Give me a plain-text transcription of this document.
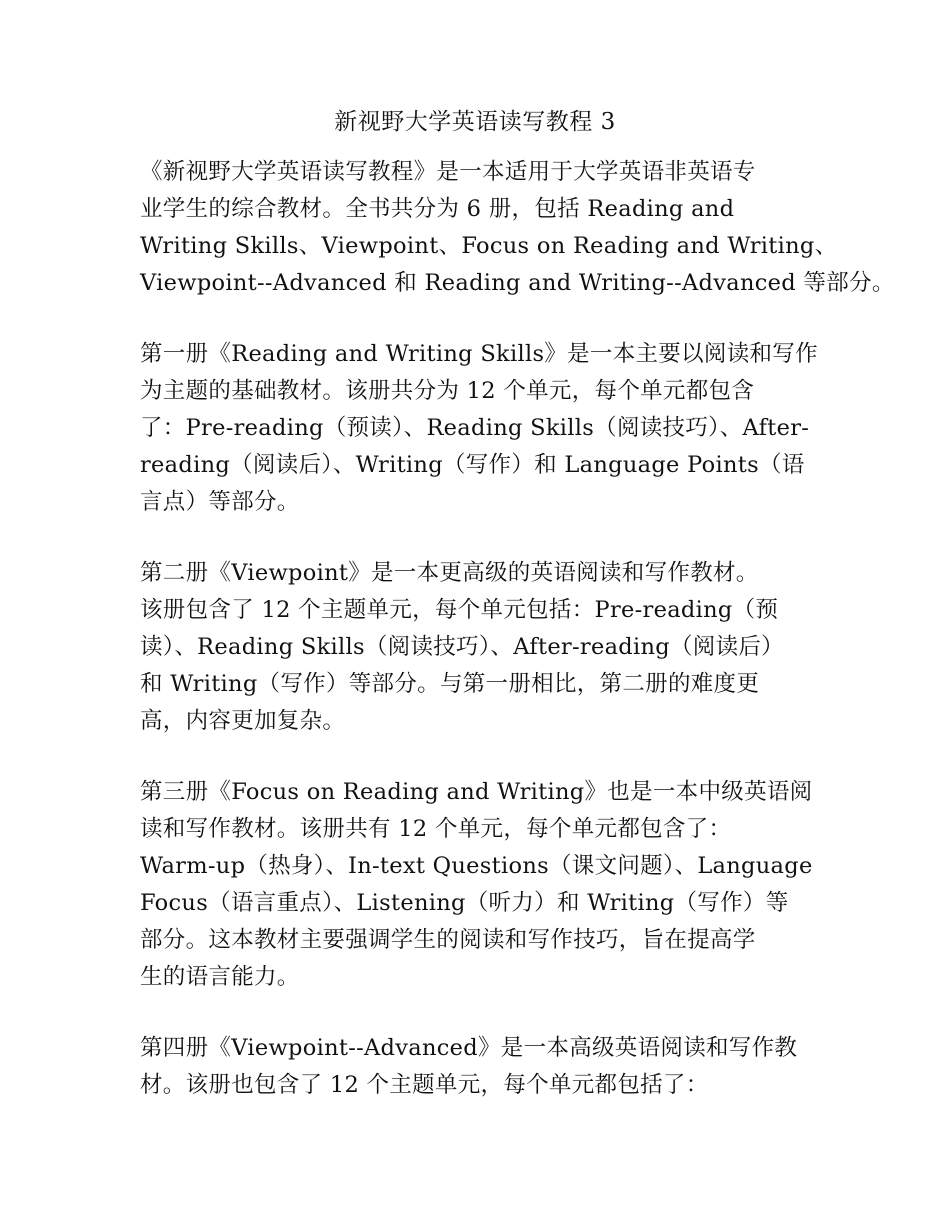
新视野大学英语读写教程 3

《新视野大学英语读写教程》是一本适用于大学英语非英语专
业学生的综合教材。全书共分为 6 册，包括 Reading and
Writing Skills、Viewpoint、Focus on Reading and Writing、
Viewpoint--Advanced 和 Reading and Writing--Advanced 等部分。

第一册《Reading and Writing Skills》是一本主要以阅读和写作
为主题的基础教材。该册共分为 12 个单元，每个单元都包含
了：Pre-reading（预读）、Reading Skills（阅读技巧）、After-
reading（阅读后）、Writing（写作）和 Language Points（语
言点）等部分。

第二册《Viewpoint》是一本更高级的英语阅读和写作教材。
该册包含了 12 个主题单元，每个单元包括：Pre-reading（预
读）、Reading Skills（阅读技巧）、After-reading（阅读后）
和 Writing（写作）等部分。与第一册相比，第二册的难度更
高，内容更加复杂。

第三册《Focus on Reading and Writing》也是一本中级英语阅
读和写作教材。该册共有 12 个单元，每个单元都包含了：
Warm-up（热身）、In-text Questions（课文问题）、Language
Focus（语言重点）、Listening（听力）和 Writing（写作）等
部分。这本教材主要强调学生的阅读和写作技巧，旨在提高学
生的语言能力。

第四册《Viewpoint--Advanced》是一本高级英语阅读和写作教
材。该册也包含了 12 个主题单元，每个单元都包括了：
